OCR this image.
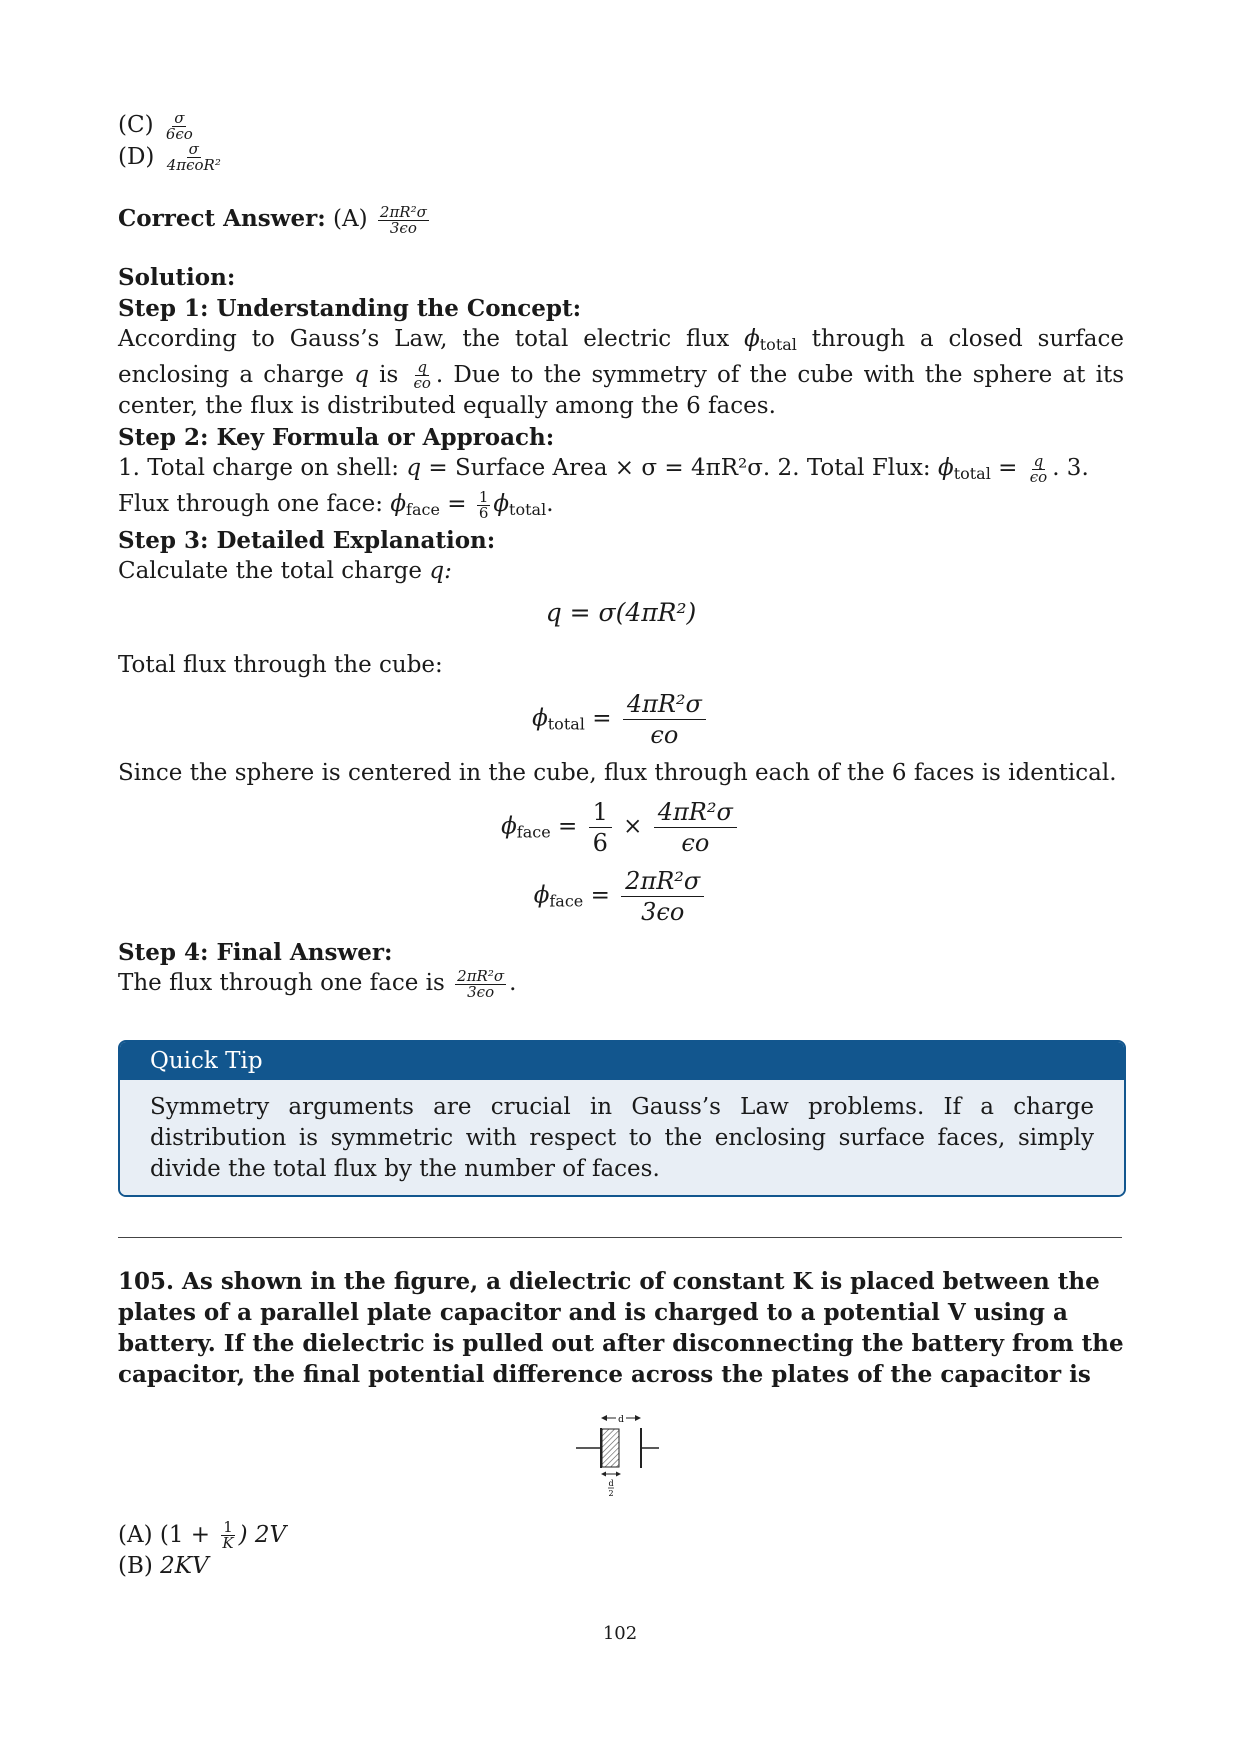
$(C) \frac{\sigma}{6\epsilon o}$
$(D) \frac{\sigma}{\text{4πϵoR²}}$
Correct Answer: $(A) \frac{\text{2πR²σ}}{3\epsilon o}$
Solution:
Step 1: Understanding the Concept:
According to Gauss’s Law, the total electric flux $\phi_{total}$ through a closed surface enclosing a charge q is $\frac{q}{\epsilon o}$ . Due to the symmetry of the cube with the sphere at its center, the flux is distributed equally among the 6 faces.
Step 2: Key Formula or Approach:
1. Total charge on shell: q = Surface Area × σ = 4πR²σ. 2. Total Flux: $\phi_{total} = \frac{q}{\epsilon o}$ . 3. Flux through one face: $\phi_{face} = \frac{1}{6} \phi_{total}$.
Step 3: Detailed Explanation:
Calculate the total charge q:
q = σ(4πR²)
Total flux through the cube:
$\phi_{total} = \frac{\text{4πR²σ}}{\epsilon o}$
Since the sphere is centered in the cube, flux through each of the 6 faces is identical.
$\phi_{face} = \frac{1}{6} \times \frac{\text{4πR²σ}}{\epsilon o}$
$\phi_{face} = \frac{\text{2πR²σ}}{3\epsilon o}$
Step 4: Final Answer:
The flux through one face is $\frac{\text{2πR²σ}}{3\epsilon o}$ .
Quick Tip
Symmetry arguments are crucial in Gauss’s Law problems. If a charge distribution is symmetric with respect to the enclosing surface faces, simply divide the total flux by the number of faces.
105. As shown in the figure, a dielectric of constant K is placed between the plates of a parallel plate capacitor and is charged to a potential V using a battery. If the dielectric is pulled out after disconnecting the battery from the capacitor, the final potential difference across the plates of the capacitor is
d
d
2
(A) ($1 + \frac{1}{K}$ ) 2V
(B) 2KV
102
